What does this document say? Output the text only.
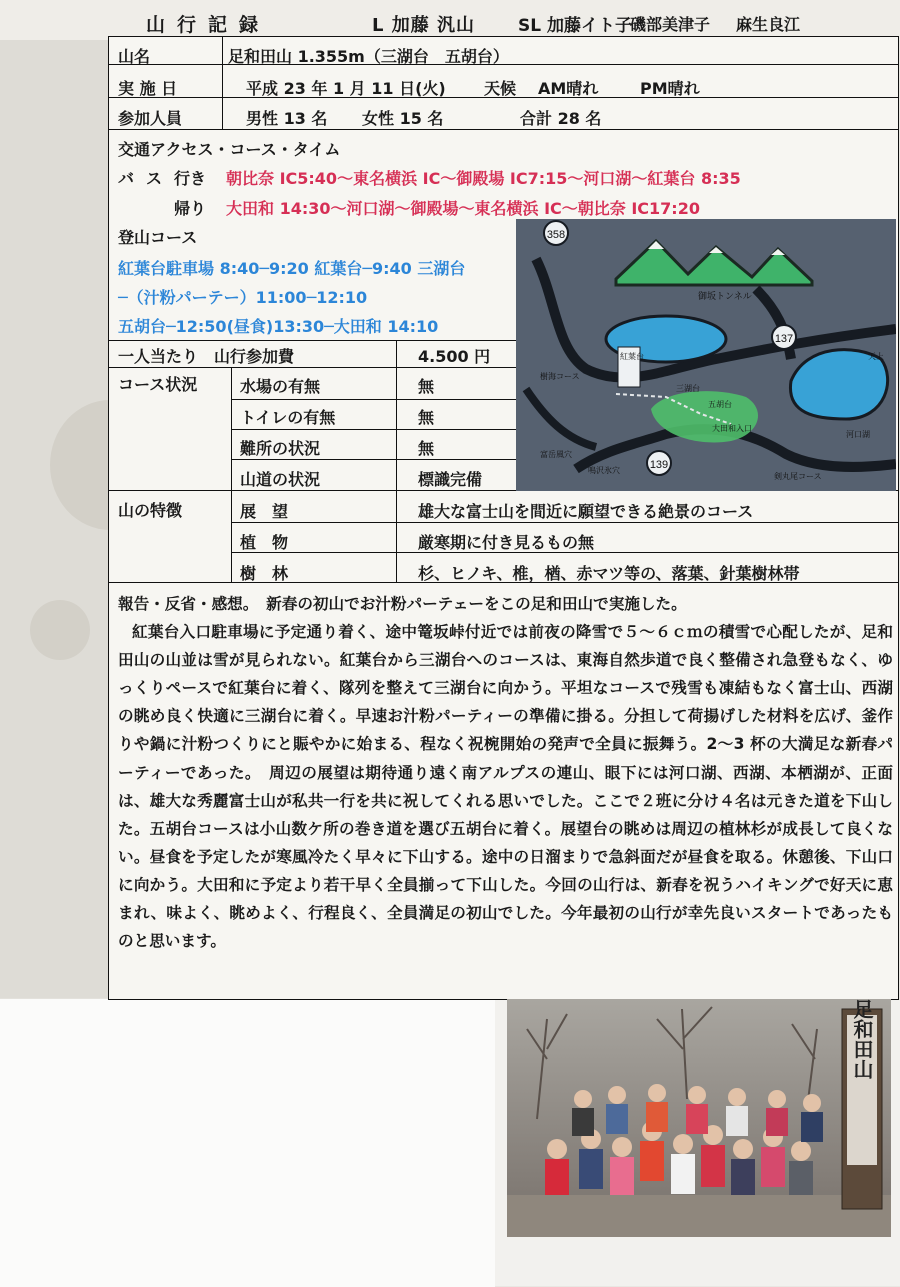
山行記録	L 加藤 汎山	SL 加藤イト子
磯部美津子 麻生良江
山名	足和田山 1.355m（三湖台　五胡台）
実 施 日	平成 23 年 1 月 11 日(火) 天候 AM晴れ	PM晴れ
参加人員	男性 13 名 女性 15 名	合計 28 名
交通アクセス・コース・タイム
バス 行き 朝比奈 IC5:40～東名横浜 IC～御殿場 IC7:15～河口湖～紅葉台 8:35
帰り 大田和 14:30～河口湖～御殿場～東名横浜 IC～朝比奈 IC17:20
登山コース
紅葉台駐車場 8:40─9:20 紅葉台─9:40 三湖台
─（汁粉パーテー）11:00─12:10
五胡台─12:50(昼食)13:30─大田和 14:10
358
137
139
御坂トンネル
紅葉台
樹海コース
三湖台
五胡台
大田和入口
富岳風穴
鳴沢氷穴
剣丸尾コース
天上
河口湖
一人当たり　山行参加費	4.500 円
コース状況	水場の有無	無
トイレの有無	無
難所の状況	無
山道の状況	標識完備
山の特徴	展　望	雄大な富士山を間近に願望できる絶景のコース
植　物	厳寒期に付き見るもの無
樹　林	杉、ヒノキ、椎，楢、赤マツ等の、落葉、針葉樹林帯

報告・反省・感想。　新春の初山でお汁粉パーテェーをこの足和田山で実施した。

紅葉台入口駐車場に予定通り着く、途中篭坂峠付近では前夜の降雪で５～６ｃｍの積雪で心配したが、足和田山の山並は雪が見られない。紅葉台から三湖台へのコースは、東海自然歩道で良く整備され急登もなく、ゆっくりペースで紅葉台に着く、隊列を整えて三湖台に向かう。平坦なコースで残雪も凍結もなく富士山、西湖の眺め良く快適に三湖台に着く。早速お汁粉パーティーの準備に掛る。分担して荷揚げした材料を広げ、釜作りや鍋に汁粉つくりにと賑やかに始まる、程なく祝椀開始の発声で全員に振舞う。2～3 杯の大満足な新春パーティーであった。　周辺の展望は期待通り遠く南アルプスの連山、眼下には河口湖、西湖、本栖湖が、正面は、雄大な秀麗富士山が私共一行を共に祝してくれる思いでした。ここで２班に分け４名は元きた道を下山した。五胡台コースは小山数ケ所の巻き道を選び五胡台に着く。展望台の眺めは周辺の植林杉が成長して良くない。昼食を予定したが寒風冷たく早々に下山する。途中の日溜まりで急斜面だが昼食を取る。休憩後、下山口に向かう。大田和に予定より若干早く全員揃って下山した。今回の山行は、新春を祝うハイキングで好天に恵まれ、味よく、眺めよく、行程良く、全員満足の初山でした。今年最初の山行が幸先良いスタートであったものと思います。

足和田山
